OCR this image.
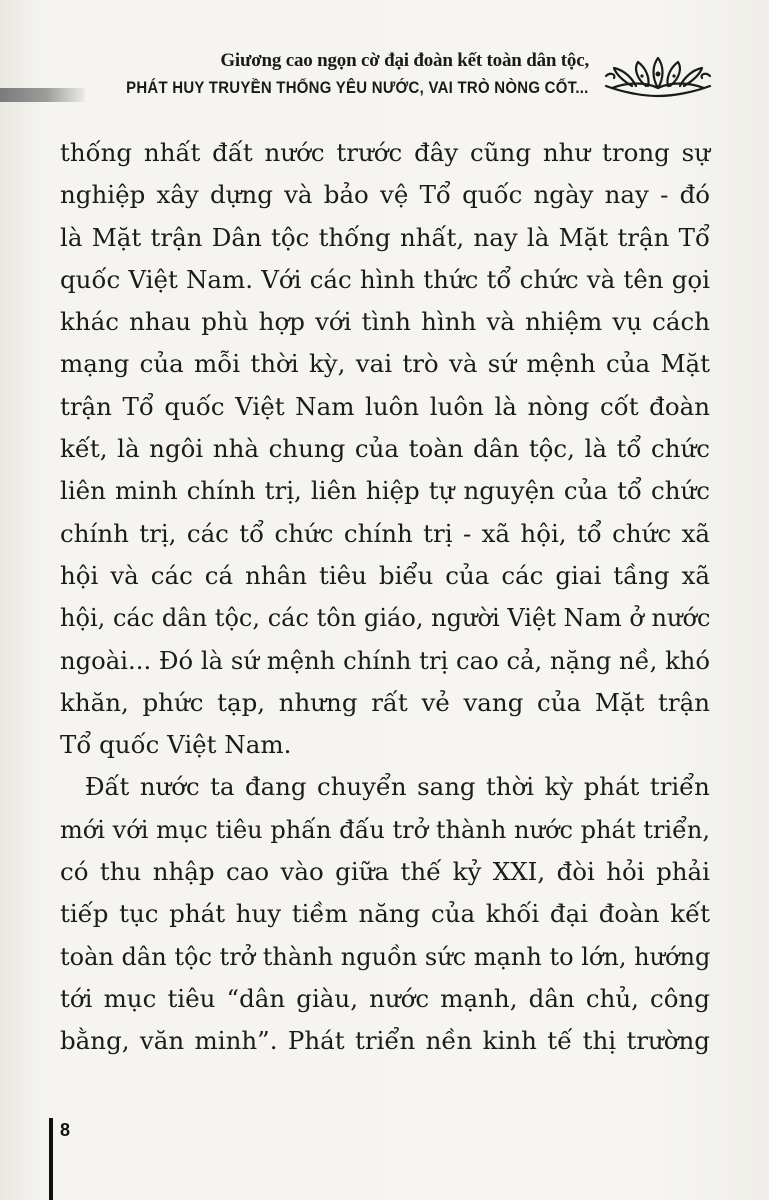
Giương cao ngọn cờ đại đoàn kết toàn dân tộc,
PHÁT HUY TRUYỀN THỐNG YÊU NƯỚC, VAI TRÒ NÒNG CỐT...
thống nhất đất nước trước đây cũng như trong sự
nghiệp xây dựng và bảo vệ Tổ quốc ngày nay - đó
là Mặt trận Dân tộc thống nhất, nay là Mặt trận Tổ
quốc Việt Nam. Với các hình thức tổ chức và tên gọi
khác nhau phù hợp với tình hình và nhiệm vụ cách
mạng của mỗi thời kỳ, vai trò và sứ mệnh của Mặt
trận Tổ quốc Việt Nam luôn luôn là nòng cốt đoàn
kết, là ngôi nhà chung của toàn dân tộc, là tổ chức
liên minh chính trị, liên hiệp tự nguyện của tổ chức
chính trị, các tổ chức chính trị - xã hội, tổ chức xã
hội và các cá nhân tiêu biểu của các giai tầng xã
hội, các dân tộc, các tôn giáo, người Việt Nam ở nước
ngoài... Đó là sứ mệnh chính trị cao cả, nặng nề, khó
khăn, phức tạp, nhưng rất vẻ vang của Mặt trận
Tổ quốc Việt Nam.
Đất nước ta đang chuyển sang thời kỳ phát triển
mới với mục tiêu phấn đấu trở thành nước phát triển,
có thu nhập cao vào giữa thế kỷ XXI, đòi hỏi phải
tiếp tục phát huy tiềm năng của khối đại đoàn kết
toàn dân tộc trở thành nguồn sức mạnh to lớn, hướng
tới mục tiêu “dân giàu, nước mạnh, dân chủ, công
bằng, văn minh”. Phát triển nền kinh tế thị trường
8
